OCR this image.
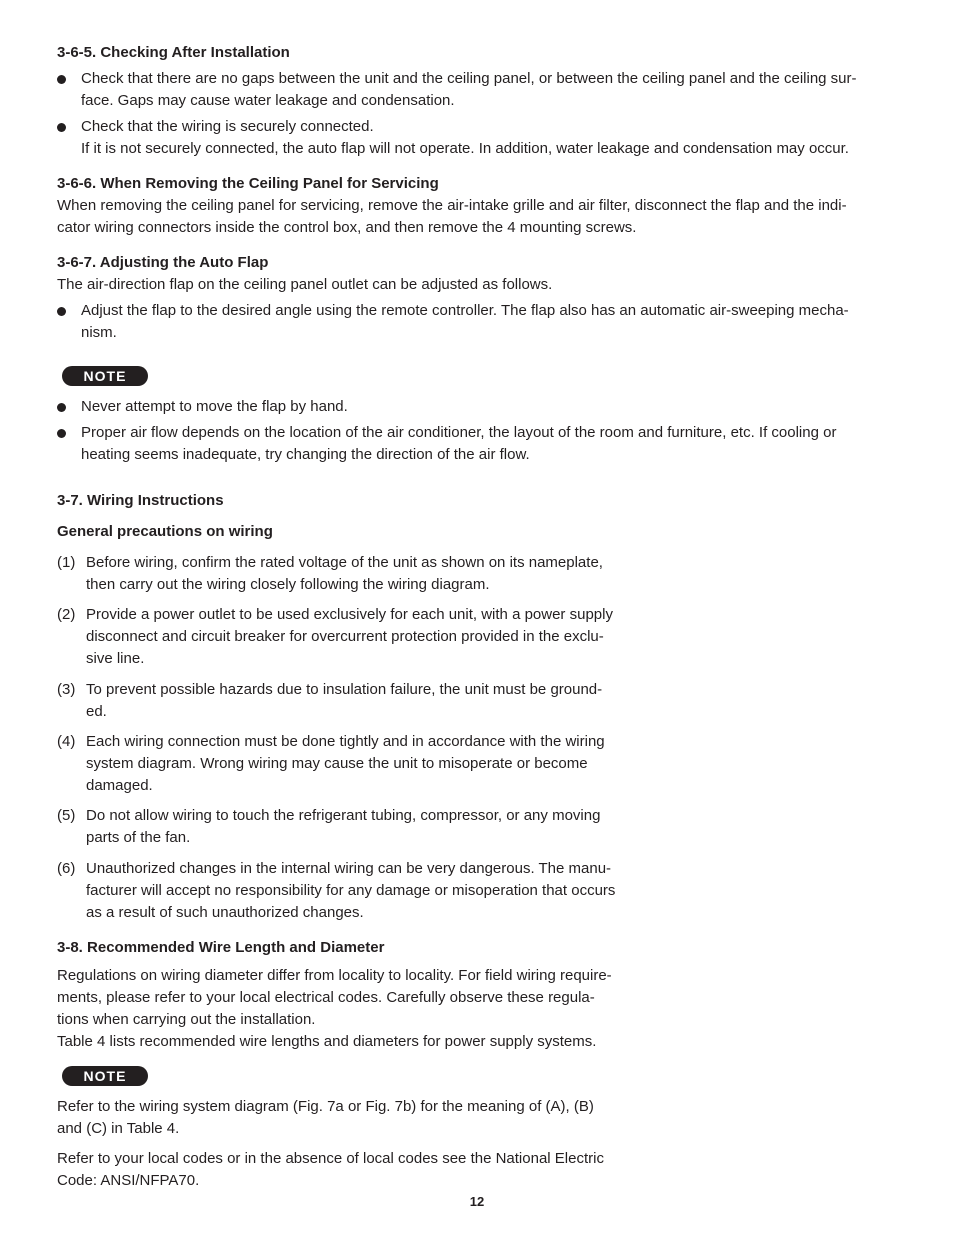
3-6-5. Checking After Installation
Check that there are no gaps between the unit and the ceiling panel, or between the ceiling panel and the ceiling sur-
face. Gaps may cause water leakage and condensation.
Check that the wiring is securely connected.
If it is not securely connected, the auto flap will not operate. In addition, water leakage and condensation may occur.
3-6-6. When Removing the Ceiling Panel for Servicing
When removing the ceiling panel for servicing, remove the air-intake grille and air filter, disconnect the flap and the indi-
cator wiring connectors inside the control box, and then remove the 4 mounting screws.
3-6-7. Adjusting the Auto Flap
The air-direction flap on the ceiling panel outlet can be adjusted as follows.
Adjust the flap to the desired angle using the remote controller. The flap also has an automatic air-sweeping mecha-
nism.
NOTE
Never attempt to move the flap by hand.
Proper air flow depends on the location of the air conditioner, the layout of the room and furniture, etc. If cooling or
heating seems inadequate, try changing the direction of the air flow.
3-7. Wiring Instructions
General precautions on wiring
(1) Before wiring, confirm the rated voltage of the unit as shown on its nameplate,
then carry out the wiring closely following the wiring diagram.
(2) Provide a power outlet to be used exclusively for each unit, with a power supply
disconnect and circuit breaker for overcurrent protection provided in the exclu-
sive line.
(3) To prevent possible hazards due to insulation failure, the unit must be ground-
ed.
(4) Each wiring connection must be done tightly and in accordance with the wiring
system diagram. Wrong wiring may cause the unit to misoperate or become
damaged.
(5) Do not allow wiring to touch the refrigerant tubing, compressor, or any moving
parts of the fan.
(6) Unauthorized changes in the internal wiring can be very dangerous. The manu-
facturer will accept no responsibility for any damage or misoperation that occurs
as a result of such unauthorized changes.
3-8. Recommended Wire Length and Diameter
Regulations on wiring diameter differ from locality to locality. For field wiring require-
ments, please refer to your local electrical codes. Carefully observe these regula-
tions when carrying out the installation.
Table 4 lists recommended wire lengths and diameters for power supply systems.
NOTE
Refer to the wiring system diagram (Fig. 7a or Fig. 7b) for the meaning of (A), (B)
and (C) in Table 4.
Refer to your local codes or in the absence of local codes see the National Electric
Code: ANSI/NFPA70.
12
